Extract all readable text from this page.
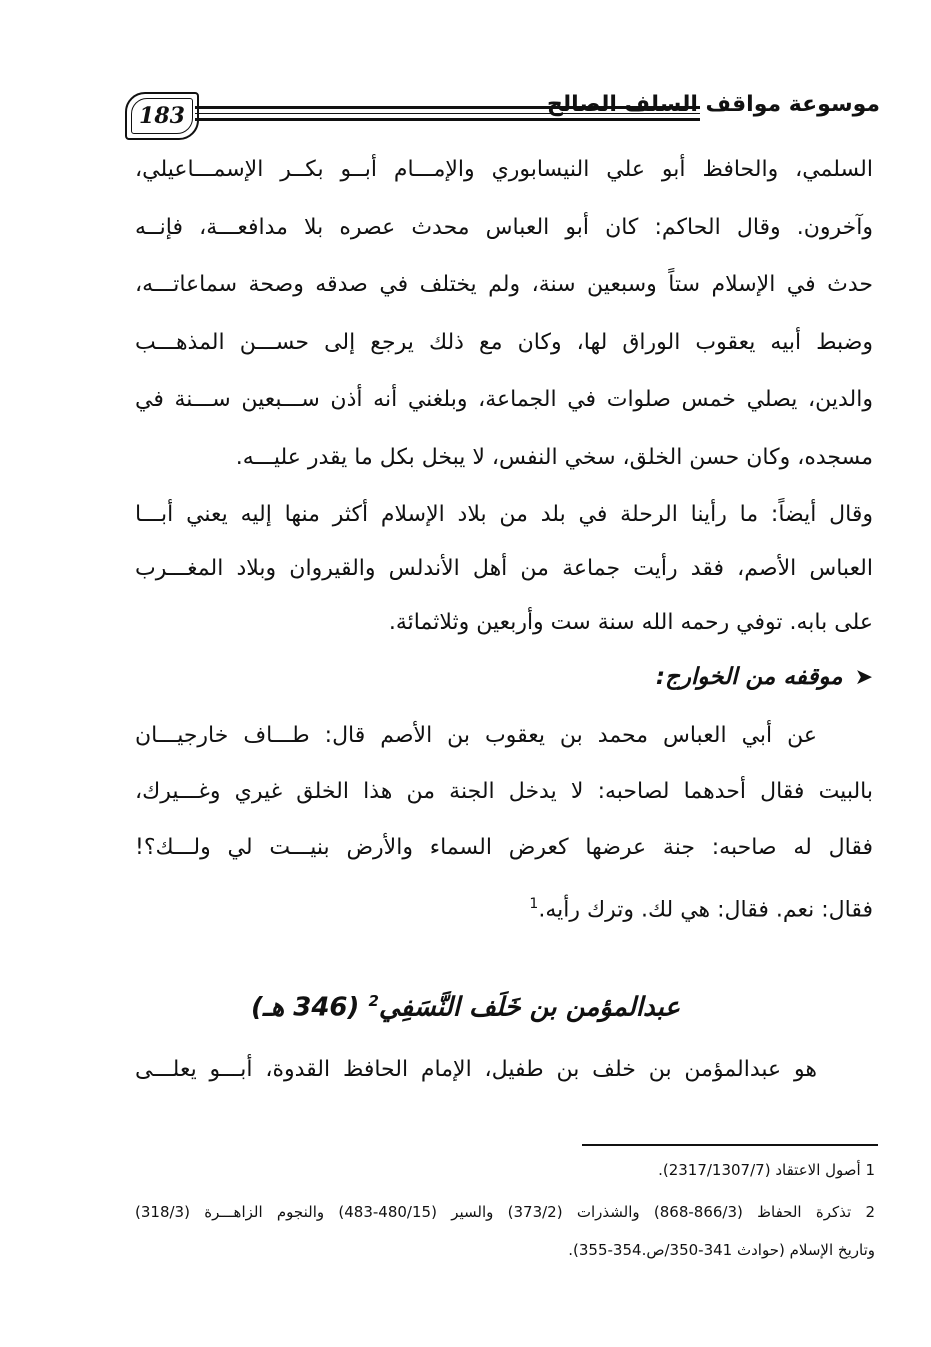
183	موسوعة مواقف السلف الصالح
السلمي، والحافظ أبو علي النيسابوري والإمـــام أبــو بكــر الإسمـــاعيلي،
وآخرون. وقال الحاكم: كان أبو العباس محدث عصره بلا مدافعـــة، فإنــه
حدث في الإسلام ستاً وسبعين سنة، ولم يختلف في صدقه وصحة سماعاتـــه،
وضبط أبيه يعقوب الوراق لها، وكان مع ذلك يرجع إلى حســـن المذهـــب
والدين، يصلي خمس صلوات في الجماعة، وبلغني أنه أذن ســـبعين ســـنة في
مسجده، وكان حسن الخلق، سخي النفس، لا يبخل بكل ما يقدر عليـــه.
وقال أيضاً: ما رأينا الرحلة في بلد من بلاد الإسلام أكثر منها إليه يعني أبـــا
العباس الأصم، فقد رأيت جماعة من أهل الأندلس والقيروان وبلاد المغـــرب
على بابه. توفي رحمه الله سنة ست وأربعين وثلاثمائة.
➤
موقفه من الخوارج:
عن أبي العباس محمد بن يعقوب بن الأصم قال: طـــاف خارجيـــان
بالبيت فقال أحدهما لصاحبه: لا يدخل الجنة من هذا الخلق غيري وغـــيرك،
فقال له صاحبه: جنة عرضها كعرض السماء والأرض بنيـــت لي ولـــك؟!
فقال: نعم. فقال: هي لك. وترك رأيه.$^1$
عبدالمؤمن بن خَلَف النَّسَفِي$^2$ (346 هـ)
هو عبدالمؤمن بن خلف بن طفيل، الإمام الحافظ القدوة، أبـــو يعلـــى
1 أصول الاعتقاد (2317/1307/7).
2 تذكرة الحفاظ (866/3-868) والشذرات (373/2) والسير (480/15-483) والنجوم الزاهـــرة (318/3)
وتاريخ الإسلام (حوادث 341-350/ص.354-355).
